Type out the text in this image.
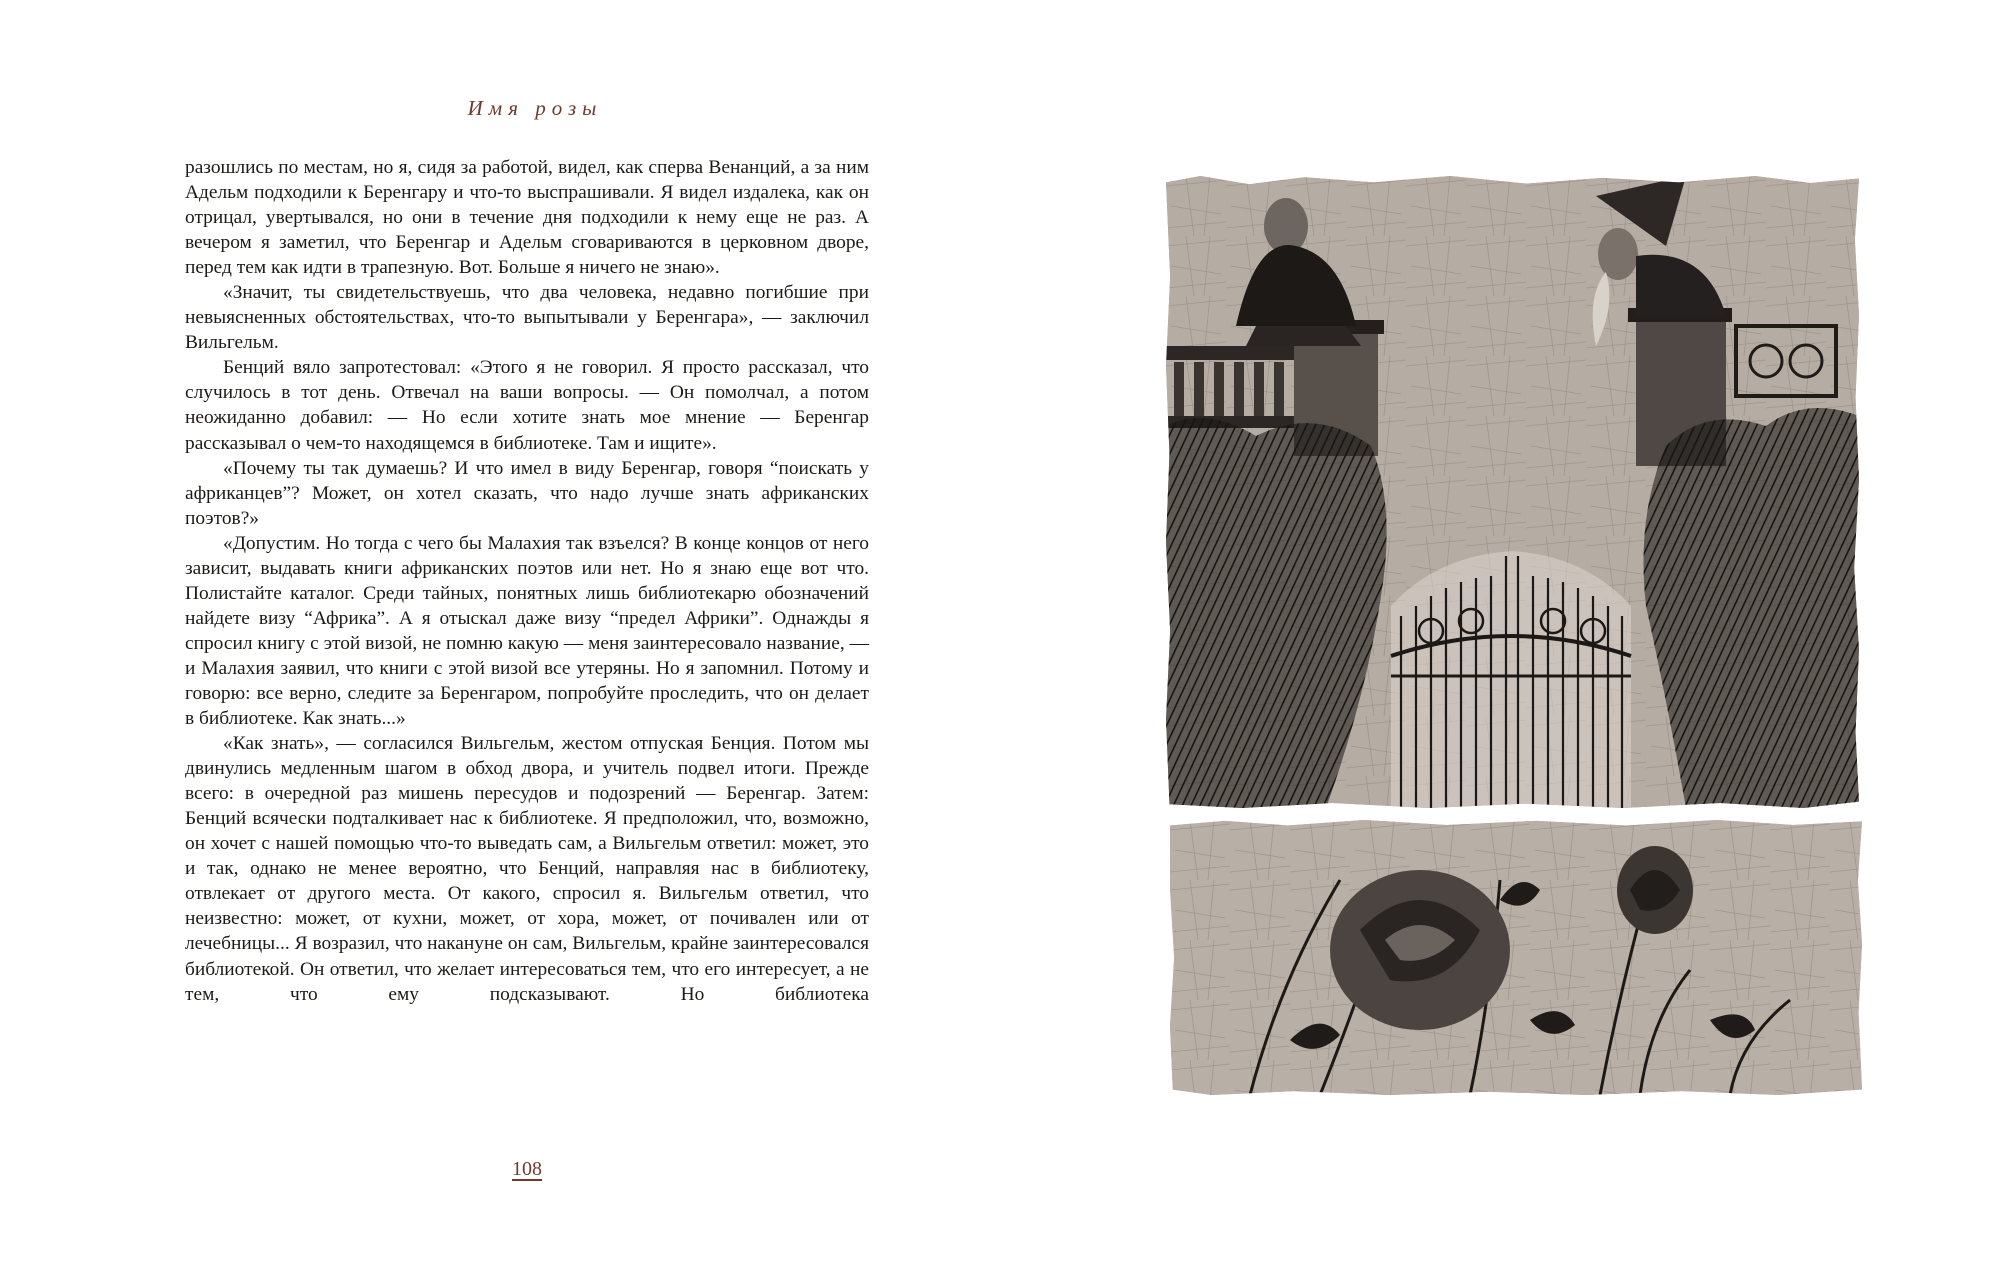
Имя розы

разошлись по местам, но я, сидя за работой, видел, как сперва Венанций, а за ним Адельм подходили к Беренгару и что-то выспрашивали. Я видел издалека, как он отрицал, увертывался, но они в течение дня подходили к нему еще не раз. А вечером я заметил, что Беренгар и Адельм сговариваются в церковном дворе, перед тем как идти в трапезную. Вот. Больше я ничего не знаю».

«Значит, ты свидетельствуешь, что два человека, недавно погибшие при невыясненных обстоятельствах, что-то выпытывали у Беренгара», — заключил Вильгельм.

Бенций вяло запротестовал: «Этого я не говорил. Я просто рассказал, что случилось в тот день. Отвечал на ваши вопросы. — Он помолчал, а потом неожиданно добавил: — Но если хотите знать мое мнение — Беренгар рассказывал о чем-то находящемся в библиотеке. Там и ищите».

«Почему ты так думаешь? И что имел в виду Беренгар, говоря “поискать у африканцев”? Может, он хотел сказать, что надо лучше знать африканских поэтов?»

«Допустим. Но тогда с чего бы Малахия так взъелся? В конце концов от него зависит, выдавать книги африканских поэтов или нет. Но я знаю еще вот что. Полистайте каталог. Среди тайных, понятных лишь библиотекарю обозначений найдете визу “Африка”. А я отыскал даже визу “предел Африки”. Однажды я спросил книгу с этой визой, не помню какую — меня заинтересовало название, — и Малахия заявил, что книги с этой визой все утеряны. Но я запомнил. Потому и говорю: все верно, следите за Беренгаром, попробуйте проследить, что он делает в библиотеке. Как знать...»

«Как знать», — согласился Вильгельм, жестом отпуская Бенция. Потом мы двинулись медленным шагом в обход двора, и учитель подвел итоги. Прежде всего: в очередной раз мишень пересудов и подозрений — Беренгар. Затем: Бенций всячески подталкивает нас к библиотеке. Я предположил, что, возможно, он хочет с нашей помощью что-то выведать сам, а Вильгельм ответил: может, это и так, однако не менее вероятно, что Бенций, направляя нас в библиотеку, отвлекает от другого места. От какого, спросил я. Вильгельм ответил, что неизвестно: может, от кухни, может, от хора, может, от почивален или от лечебницы... Я возразил, что накануне он сам, Вильгельм, крайне заинтересовался библиотекой. Он ответил, что желает интересоваться тем, что его интересует, а не тем, что ему подсказывают. Но библиотека

108
